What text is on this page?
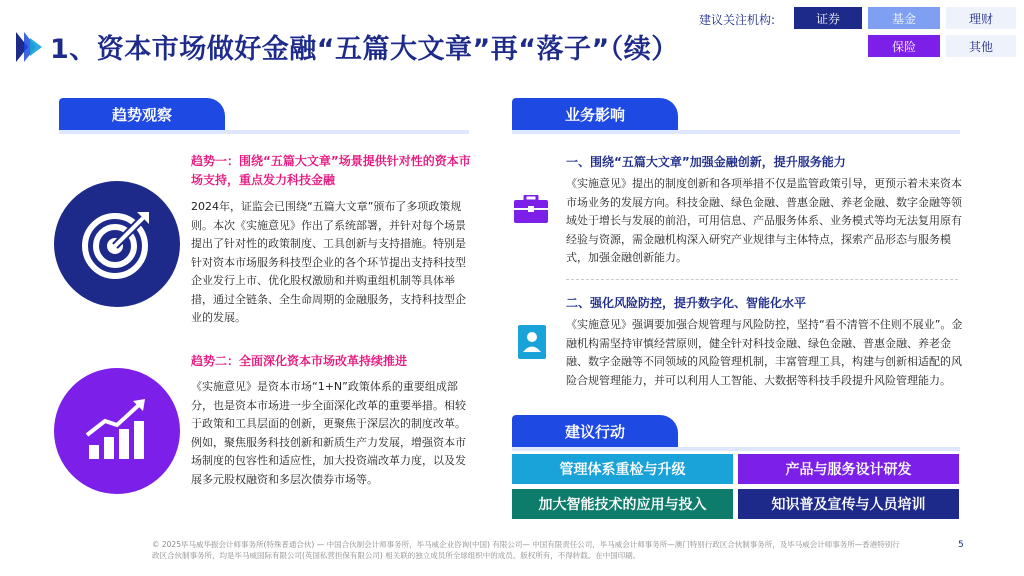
1、资本市场做好金融“五篇大文章”再“落子”（续）
建议关注机构:	证券	基金	理财
保险	其他
趋势观察
趋势一：围绕“五篇大文章”场景提供针对性的资本市场支持，重点发力科技金融
2024年，证监会已围绕“五篇大文章”颁布了多项政策规则。本次《实施意见》作出了系统部署，并针对每个场景提出了针对性的政策制度、工具创新与支持措施。特别是针对资本市场服务科技型企业的各个环节提出支持科技型企业发行上市、优化股权激励和并购重组机制等具体举措，通过全链条、全生命周期的金融服务，支持科技型企业的发展。
趋势二：全面深化资本市场改革持续推进
《实施意见》是资本市场“1+N”政策体系的重要组成部分，也是资本市场进一步全面深化改革的重要举措。相较于政策和工具层面的创新，更聚焦于深层次的制度改革。例如，聚焦服务科技创新和新质生产力发展，增强资本市场制度的包容性和适应性，加大投资端改革力度，以及发展多元股权融资和多层次债券市场等。
业务影响
一、围绕“五篇大文章”加强金融创新，提升服务能力
《实施意见》提出的制度创新和各项举措不仅是监管政策引导，更预示着未来资本市场业务的发展方向。科技金融、绿色金融、普惠金融、养老金融、数字金融等领域处于增长与发展的前沿，可用信息、产品服务体系、业务模式等均无法复用原有经验与资源，需金融机构深入研究产业规律与主体特点，探索产品形态与服务模式，加强金融创新能力。
二、强化风险防控，提升数字化、智能化水平
《实施意见》强调要加强合规管理与风险防控，坚持“看不清管不住则不展业”。金融机构需坚持审慎经营原则，健全针对科技金融、绿色金融、普惠金融、养老金融、数字金融等不同领域的风险管理机制，丰富管理工具，构建与创新相适配的风险合规管理能力，并可以利用人工智能、大数据等科技手段提升风险管理能力。
建议行动
管理体系重检与升级	产品与服务设计研发
加大智能技术的应用与投入	知识普及宣传与人员培训
© 2025毕马威华振会计师事务所(特殊普通合伙) — 中国合伙制会计师事务所，毕马威企业咨询(中国) 有限公司— 中国有限责任公司，毕马威会计师事务所—澳门特别行政区合伙制事务所，及毕马威会计师事务所—香港特别行政区合伙制事务所，均是毕马威国际有限公司(英国私营担保有限公司) 相关联的独立成员所全球组织中的成员。版权所有，不得转载。在中国印刷。
5
